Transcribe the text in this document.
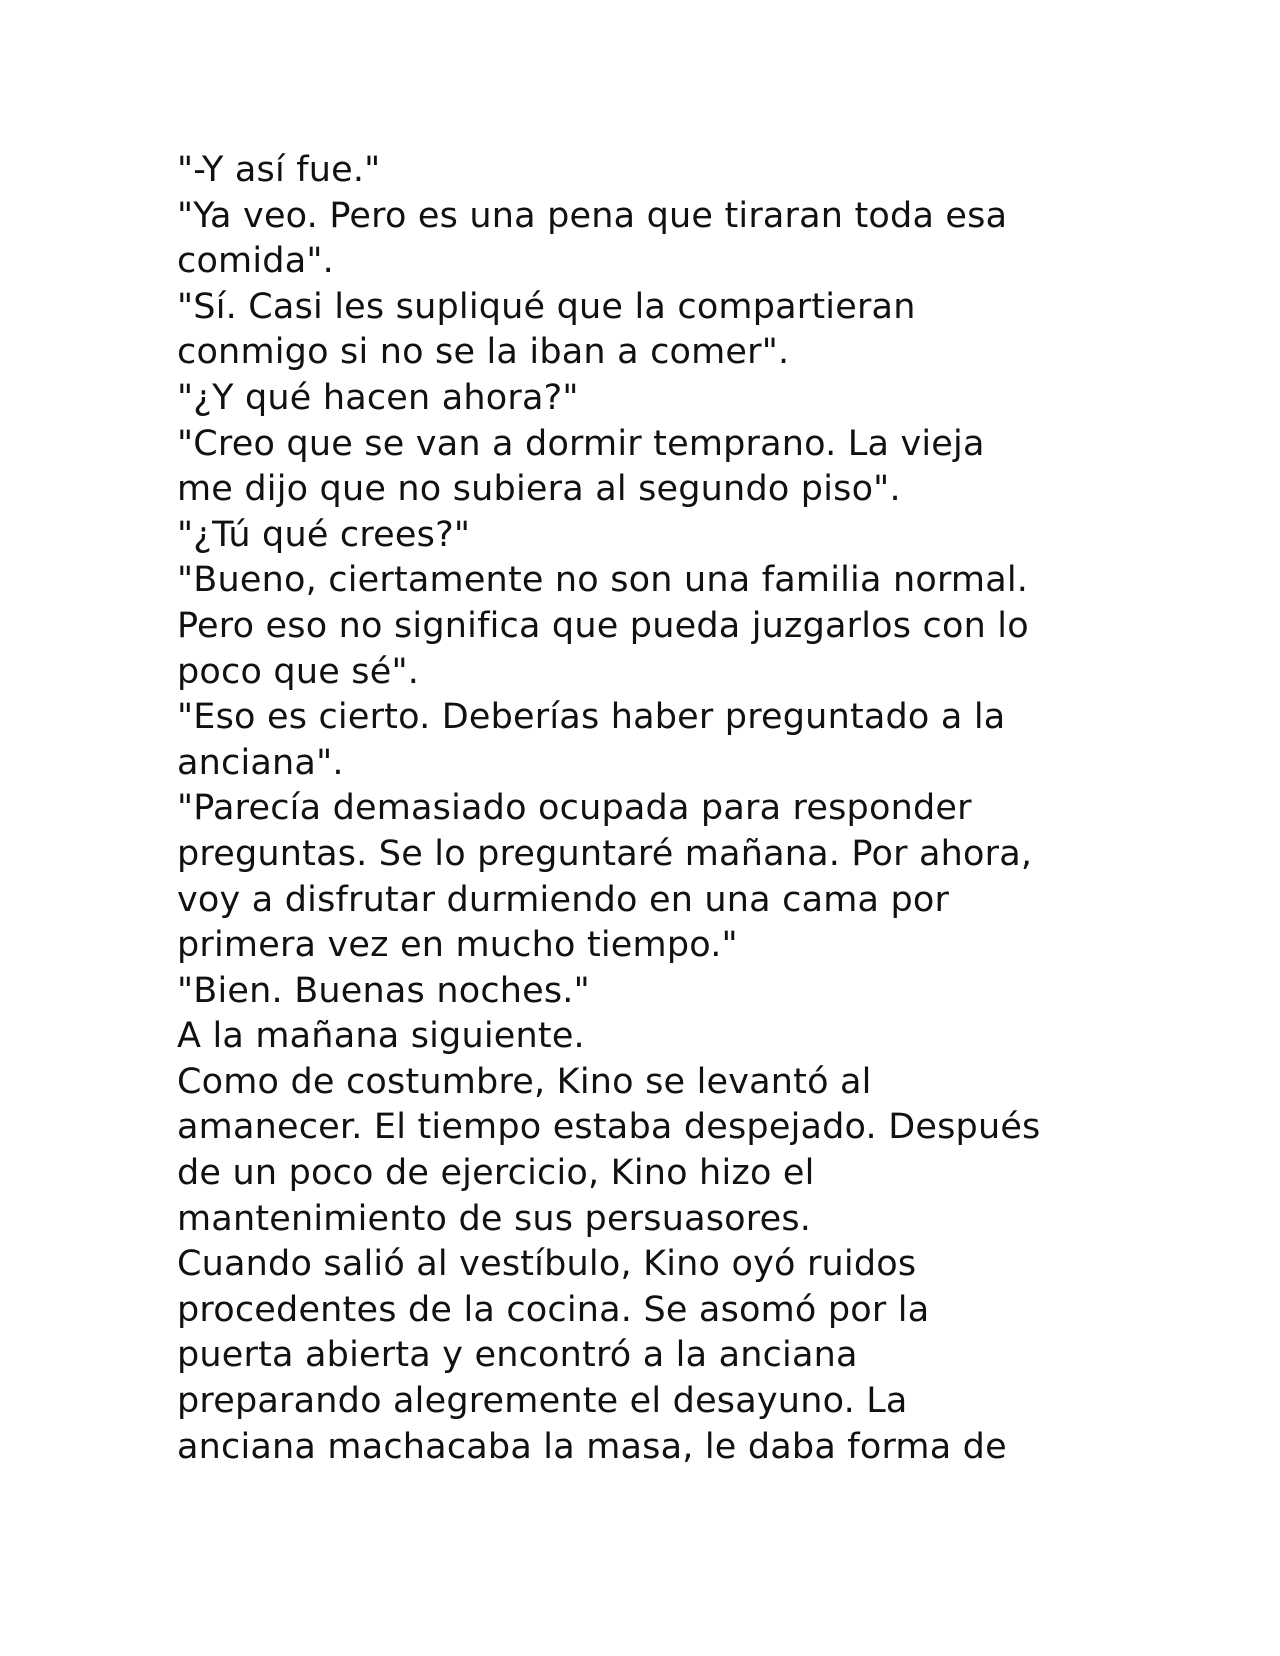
"-Y así fue."
"Ya veo. Pero es una pena que tiraran toda esa
comida".
"Sí. Casi les supliqué que la compartieran
conmigo si no se la iban a comer".
"¿Y qué hacen ahora?"
"Creo que se van a dormir temprano. La vieja
me dijo que no subiera al segundo piso".
"¿Tú qué crees?"
"Bueno, ciertamente no son una familia normal.
Pero eso no significa que pueda juzgarlos con lo
poco que sé".
"Eso es cierto. Deberías haber preguntado a la
anciana".
"Parecía demasiado ocupada para responder
preguntas. Se lo preguntaré mañana. Por ahora,
voy a disfrutar durmiendo en una cama por
primera vez en mucho tiempo."
"Bien. Buenas noches."
A la mañana siguiente.
Como de costumbre, Kino se levantó al
amanecer. El tiempo estaba despejado. Después
de un poco de ejercicio, Kino hizo el
mantenimiento de sus persuasores.
Cuando salió al vestíbulo, Kino oyó ruidos
procedentes de la cocina. Se asomó por la
puerta abierta y encontró a la anciana
preparando alegremente el desayuno. La
anciana machacaba la masa, le daba forma de
